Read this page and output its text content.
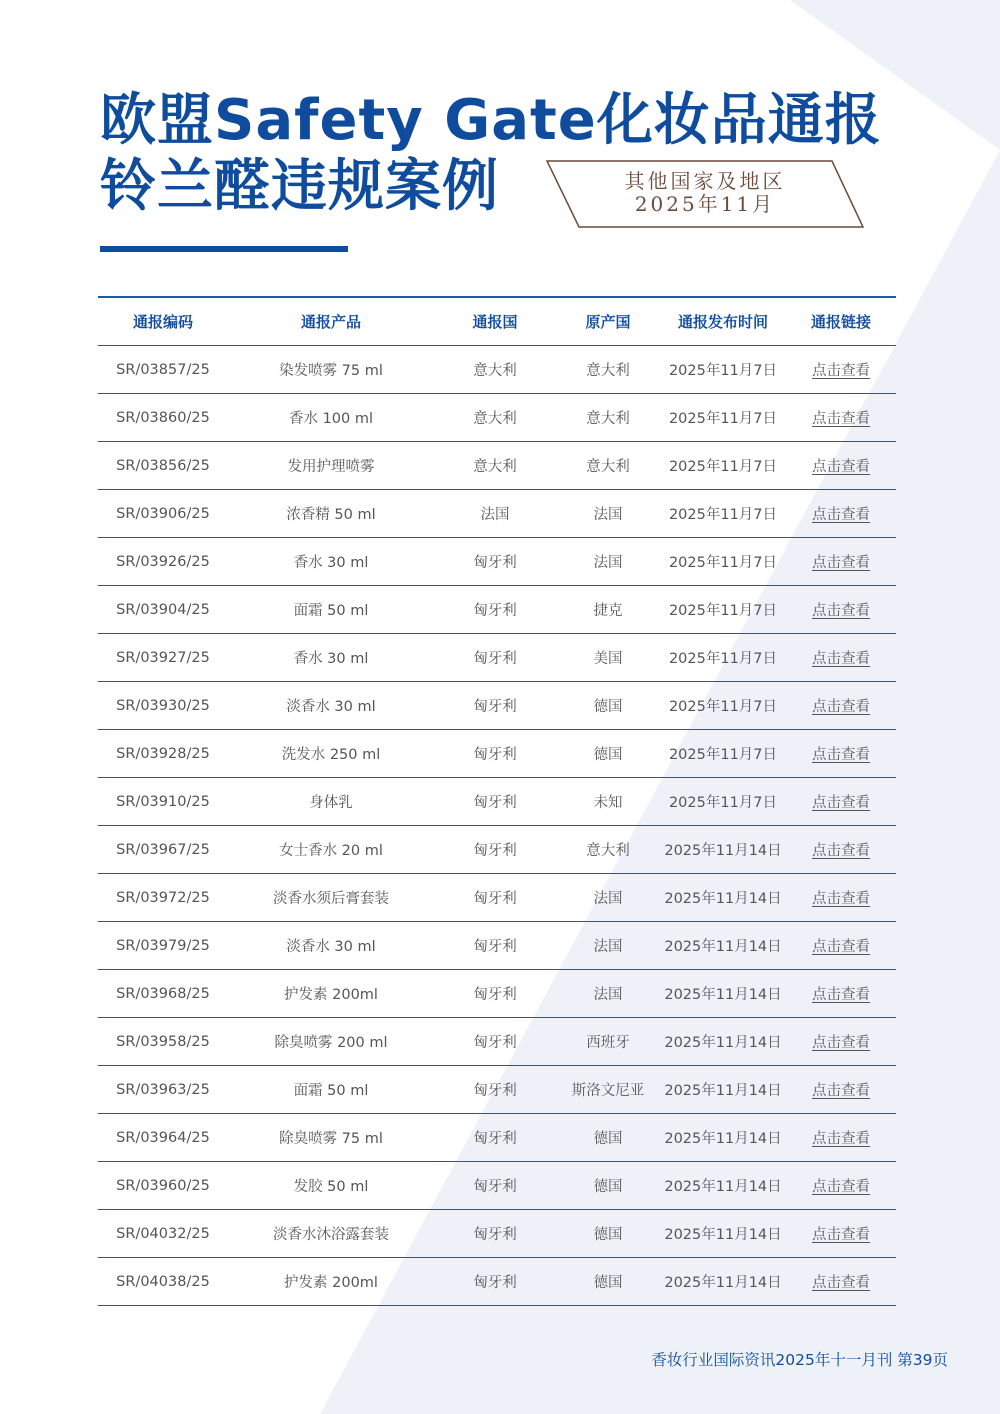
欧盟Safety Gate化妆品通报
铃兰醛违规案例	其他国家及地区
2025年11月
通报编码	通报产品	通报国	原产国	通报发布时间	通报链接
SR/03857/25	染发喷雾 75 ml	意大利	意大利	2025年11月7日	点击查看
SR/03860/25	香水 100 ml	意大利	意大利	2025年11月7日	点击查看
SR/03856/25	发用护理喷雾	意大利	意大利	2025年11月7日	点击查看
SR/03906/25	浓香精 50 ml	法国	法国	2025年11月7日	点击查看
SR/03926/25	香水 30 ml	匈牙利	法国	2025年11月7日	点击查看
SR/03904/25	面霜 50 ml	匈牙利	捷克	2025年11月7日	点击查看
SR/03927/25	香水 30 ml	匈牙利	美国	2025年11月7日	点击查看
SR/03930/25	淡香水 30 ml	匈牙利	德国	2025年11月7日	点击查看
SR/03928/25	洗发水 250 ml	匈牙利	德国	2025年11月7日	点击查看
SR/03910/25	身体乳	匈牙利	未知	2025年11月7日	点击查看
SR/03967/25	女士香水 20 ml	匈牙利	意大利	2025年11月14日	点击查看
SR/03972/25	淡香水须后膏套装	匈牙利	法国	2025年11月14日	点击查看
SR/03979/25	淡香水 30 ml	匈牙利	法国	2025年11月14日	点击查看
SR/03968/25	护发素 200ml	匈牙利	法国	2025年11月14日	点击查看
SR/03958/25	除臭喷雾 200 ml	匈牙利	西班牙	2025年11月14日	点击查看
SR/03963/25	面霜 50 ml	匈牙利	斯洛文尼亚	2025年11月14日	点击查看
SR/03964/25	除臭喷雾 75 ml	匈牙利	德国	2025年11月14日	点击查看
SR/03960/25	发胶 50 ml	匈牙利	德国	2025年11月14日	点击查看
SR/04032/25	淡香水沐浴露套装	匈牙利	德国	2025年11月14日	点击查看
SR/04038/25	护发素 200ml	匈牙利	德国	2025年11月14日	点击查看
香妆行业国际资讯2025年十一月刊 第39页
